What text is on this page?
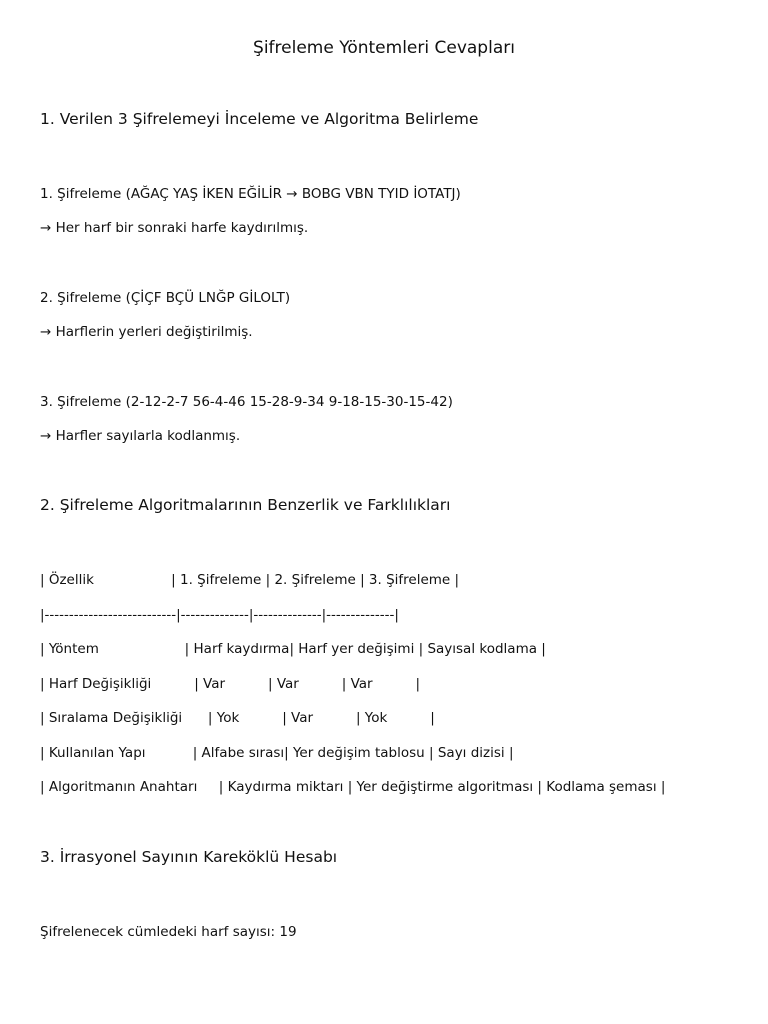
Şifreleme Yöntemleri Cevapları
1. Verilen 3 Şifrelemeyi İnceleme ve Algoritma Belirleme
1. Şifreleme (AĞAÇ YAŞ İKEN EĞİLİR → BOBG VBN TYID İOTATJ)
→ Her harf bir sonraki harfe kaydırılmış.
2. Şifreleme (ÇİÇF BÇÜ LNĞP GİLOLT)
→ Harflerin yerleri değiştirilmiş.
3. Şifreleme (2-12-2-7 56-4-46 15-28-9-34 9-18-15-30-15-42)
→ Harfler sayılarla kodlanmış.
2. Şifreleme Algoritmalarının Benzerlik ve Farklılıkları
| Özellik                  | 1. Şifreleme | 2. Şifreleme | 3. Şifreleme |
|---------------------------|--------------|--------------|--------------|
| Yöntem                    | Harf kaydırma| Harf yer değişimi | Sayısal kodlama |
| Harf Değişikliği          | Var          | Var          | Var          |
| Sıralama Değişikliği      | Yok          | Var          | Yok          |
| Kullanılan Yapı           | Alfabe sırası| Yer değişim tablosu | Sayı dizisi |
| Algoritmanın Anahtarı     | Kaydırma miktarı | Yer değiştirme algoritması | Kodlama şeması |
3. İrrasyonel Sayının Kareköklü Hesabı
Şifrelenecek cümledeki harf sayısı: 19
